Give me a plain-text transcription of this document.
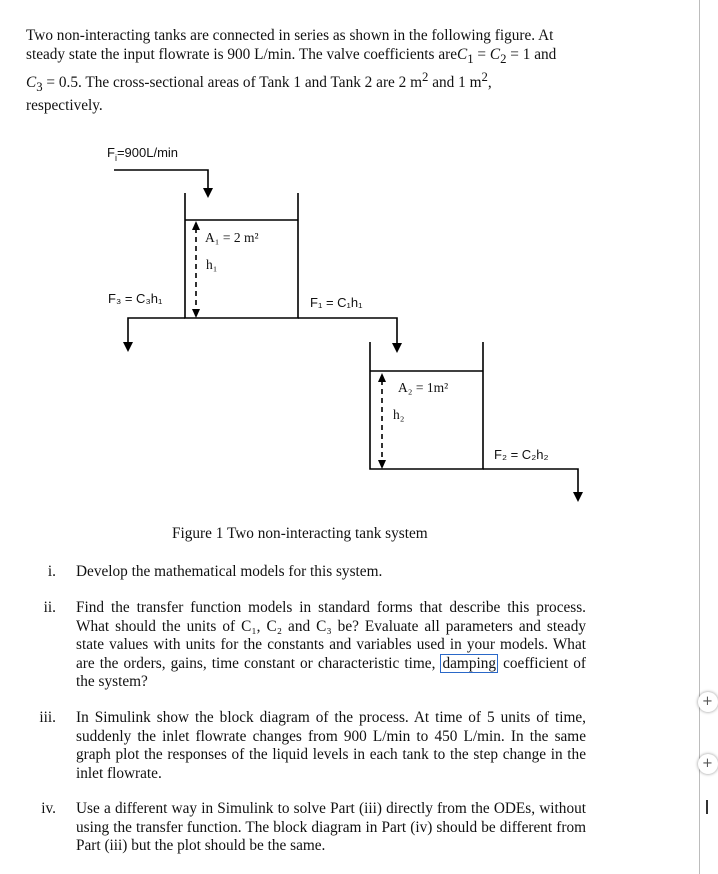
Two non-interacting tanks are connected in series as shown in the following figure. At
steady state the input flowrate is 900 L/min. The valve coefficients areC$_1$ = $C_2 = 1$ and
$C_3 = 0.5$. The cross-sectional areas of Tank 1 and Tank 2 are 2 $m^2$ and 1 $m^2$,
respectively.
$F_i=900L/\min$
F₃ = C₃h₁	F₁ = C₁h₁
F₂ = C₂h₂
A₁ = 2 m²
h₁
A₂ = 1m²
h₂
Figure 1 Two non-interacting tank system
i. Develop the mathematical models for this system.
ii. Find the transfer function models in standard forms that describe this process. What should the units of C₁, C₂ and C₃ be? Evaluate all parameters and steady state values with units for the constants and variables used in your models. What are the orders, gains, time constant or characteristic time, damping coefficient of the system?
iii. In Simulink show the block diagram of the process. At time of 5 units of time, suddenly the inlet flowrate changes from 900 L/min to 450 L/min. In the same graph plot the responses of the liquid levels in each tank to the step change in the inlet flowrate.
iv. Use a different way in Simulink to solve Part (iii) directly from the ODEs, without using the transfer function. The block diagram in Part (iv) should be different from Part (iii) but the plot should be the same.
+
+
